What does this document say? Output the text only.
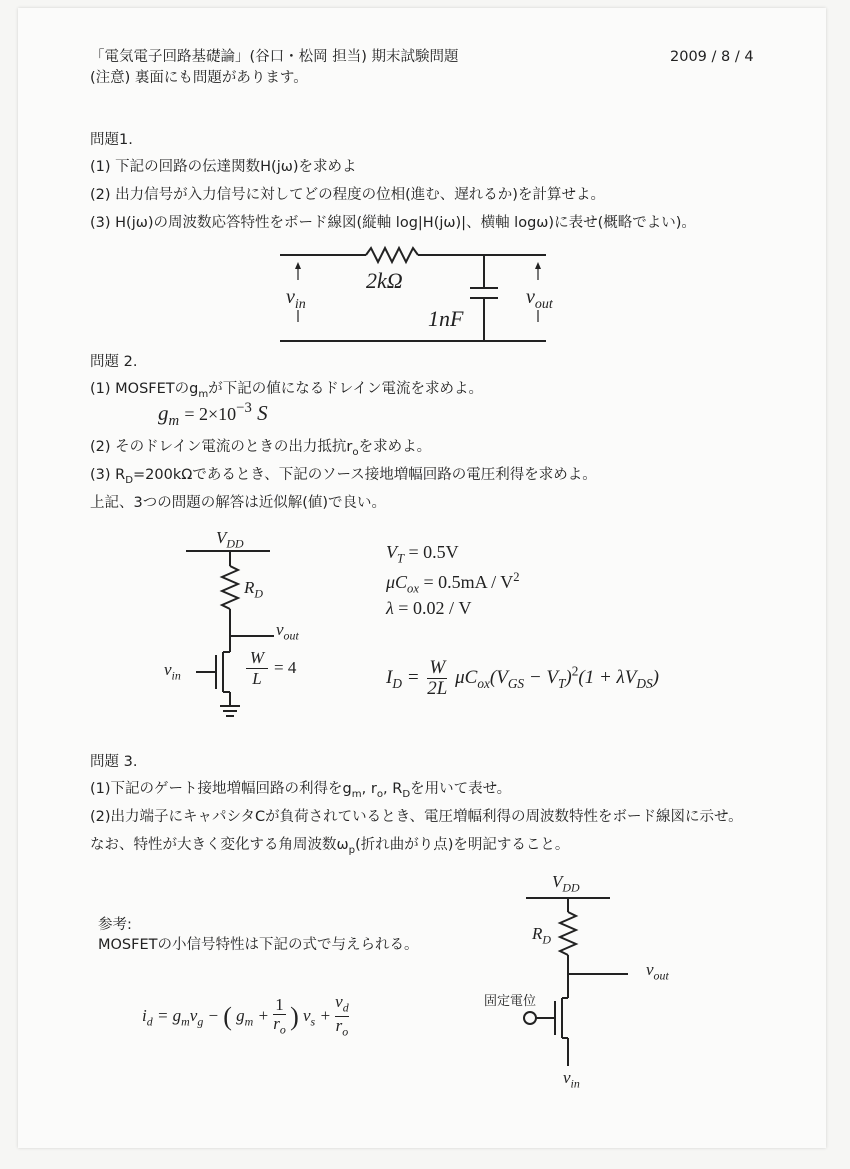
「電気電子回路基礎論」(谷口・松岡 担当) 期末試験問題	2009 / 8 / 4
(注意) 裏面にも問題があります。
問題1.
(1) 下記の回路の伝達関数H(jω)を求めよ
(2) 出力信号が入力信号に対してどの程度の位相(進む、遅れるか)を計算せよ。
(3) H(jω)の周波数応答特性をボード線図(縦軸 log|H(jω)|、横軸 logω)に表せ(概略でよい)。
$v_{in}$
2kΩ
1nF
$v_{out}$
問題 2.
(1) MOSFETの$g_m$が下記の値になるドレイン電流を求めよ。
$g_m = 2\times 10^{-3}$ S
(2) そのドレイン電流のときの出力抵抗$r_o$を求めよ。
(3) $R_D=200k\Omega$であるとき、下記のソース接地増幅回路の電圧利得を求めよ。
上記、3つの問題の解答は近似解(値)で良い。
$V_{DD}$
$R_D$
$v_{out}$
$v_{in}$
W
L
= 4
$V_T = 0.5V$
$\mu C_{ox} = 0.5mA / V^2$
λ = 0.02 / V
$I_D = \frac{W}{2L} \mu C_{ox}(V_{GS} - V_T)^2(1 + \lambda V_{DS})$
問題 3.
(1)下記のゲート接地増幅回路の利得を$g_m$, $r_o$, $R_D$を用いて表せ。
(2)出力端子にキャパシタCが負荷されているとき、電圧増幅利得の周波数特性をボード線図に示せ。
なお、特性が大きく変化する角周波数$\omega_p$(折れ曲がり点)を明記すること。
参考:
MOSFETの小信号特性は下記の式で与えられる。
$i_d = g_mv_g$ − ( $g_m + \frac{1}{r_o}$ ) $v_s + \frac{v_d}{r_o}$
$V_{DD}$
$R_D$
$v_{out}$
固定電位
$v_{in}$
